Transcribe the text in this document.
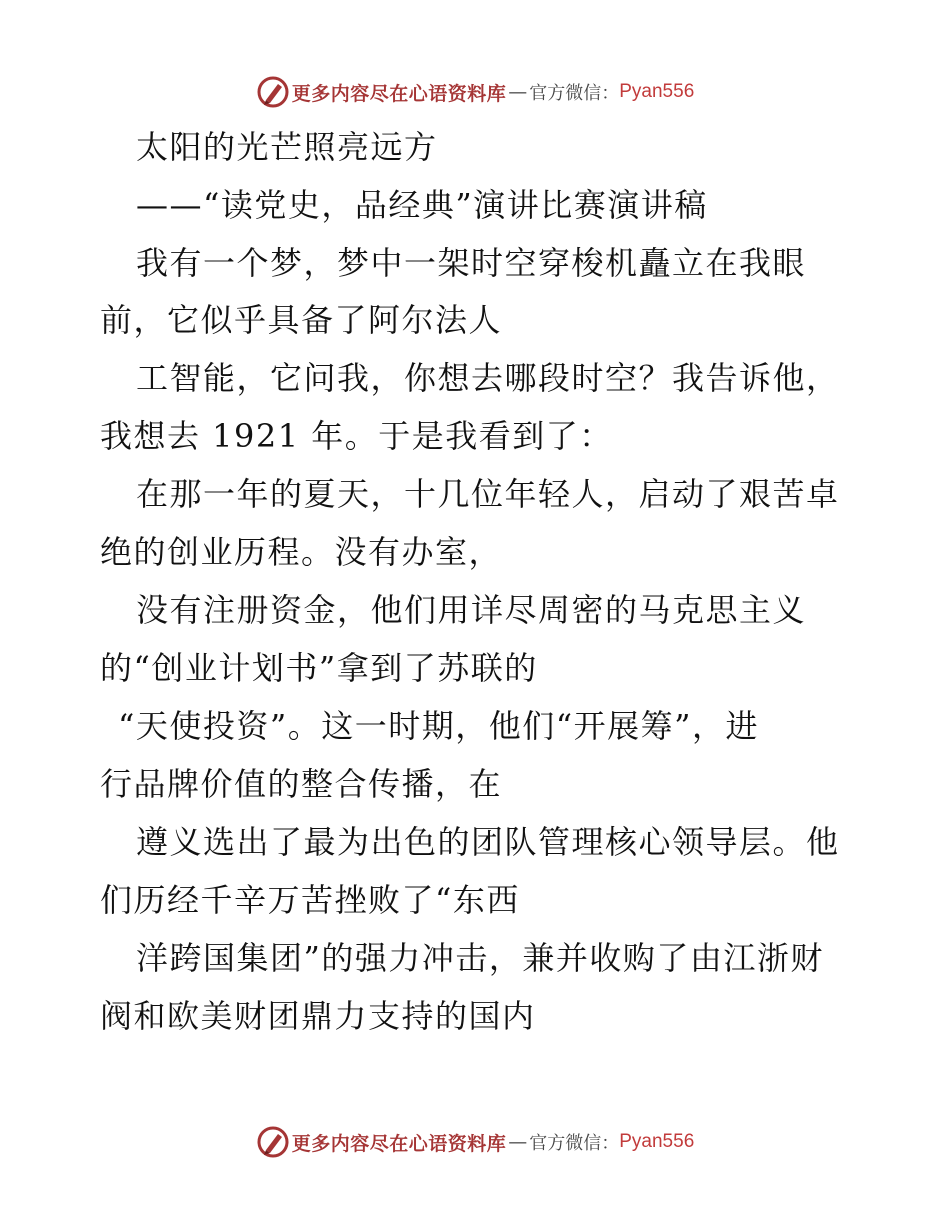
更多内容尽在心语资料库 — 官方微信： Pyan556
太阳的光芒照亮远方
——“读党史，品经典”演讲比赛演讲稿
我有一个梦，梦中一架时空穿梭机矗立在我眼
前，它似乎具备了阿尔法人
工智能，它问我，你想去哪段时空？我告诉他，
我想去 1921 年。于是我看到了：
在那一年的夏天，十几位年轻人，启动了艰苦卓
绝的创业历程。没有办室，
没有注册资金，他们用详尽周密的马克思主义
的“创业计划书”拿到了苏联的
“天使投资”。这一时期，他们“开展筹”，进
行品牌价值的整合传播，在
遵义选出了最为出色的团队管理核心领导层。他
们历经千辛万苦挫败了“东西
洋跨国集团”的强力冲击，兼并收购了由江浙财
阀和欧美财团鼎力支持的国内
更多内容尽在心语资料库 — 官方微信： Pyan556
